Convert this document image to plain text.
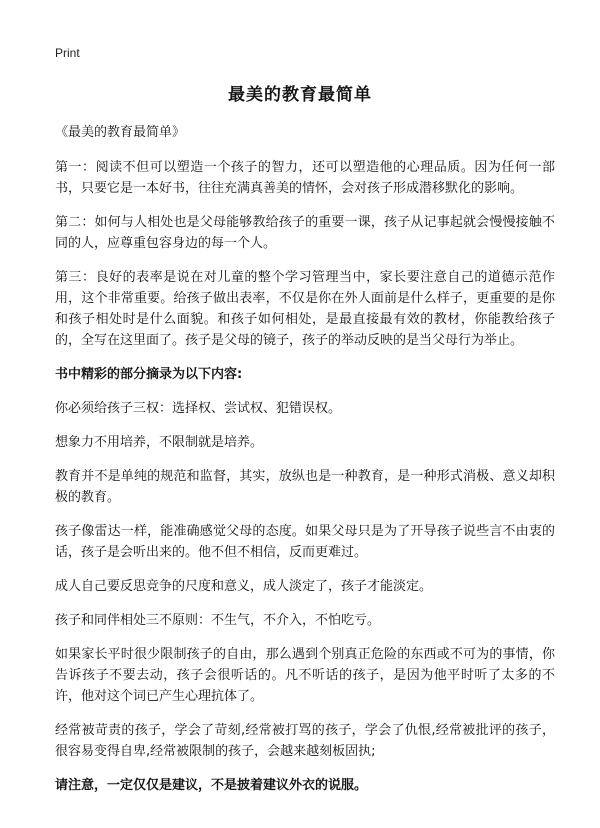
Print
最美的教育最简单

《最美的教育最简单》

第一：阅读不但可以塑造一个孩子的智力，还可以塑造他的心理品质。因为任何一部书，只要它是一本好书，往往充满真善美的情怀，会对孩子形成潜移默化的影响。

第二：如何与人相处也是父母能够教给孩子的重要一课，孩子从记事起就会慢慢接触不同的人，应尊重包容身边的每一个人。

第三：良好的表率是说在对儿童的整个学习管理当中，家长要注意自己的道德示范作用，这个非常重要。给孩子做出表率，不仅是你在外人面前是什么样子，更重要的是你和孩子相处时是什么面貌。和孩子如何相处，是最直接最有效的教材，你能教给孩子的，全写在这里面了。孩子是父母的镜子，孩子的举动反映的是当父母行为举止。

书中精彩的部分摘录为以下内容:

你必须给孩子三权：选择权、尝试权、犯错误权。

想象力不用培养，不限制就是培养。

教育并不是单纯的规范和监督，其实，放纵也是一种教育，是一种形式消极、意义却积极的教育。

孩子像雷达一样，能准确感觉父母的态度。如果父母只是为了开导孩子说些言不由衷的话，孩子是会听出来的。他不但不相信，反而更难过。

成人自己要反思竞争的尺度和意义，成人淡定了，孩子才能淡定。

孩子和同伴相处三不原则：不生气，不介入，不怕吃亏。

如果家长平时很少限制孩子的自由，那么遇到个别真正危险的东西或不可为的事情，你告诉孩子不要去动，孩子会很听话的。凡不听话的孩子，是因为他平时听了太多的不许，他对这个词已产生心理抗体了。

经常被苛责的孩子，学会了苛刻,经常被打骂的孩子，学会了仇恨,经常被批评的孩子，很容易变得自卑,经常被限制的孩子，会越来越刻板固执;

请注意，一定仅仅是建议，不是披着建议外衣的说服。
